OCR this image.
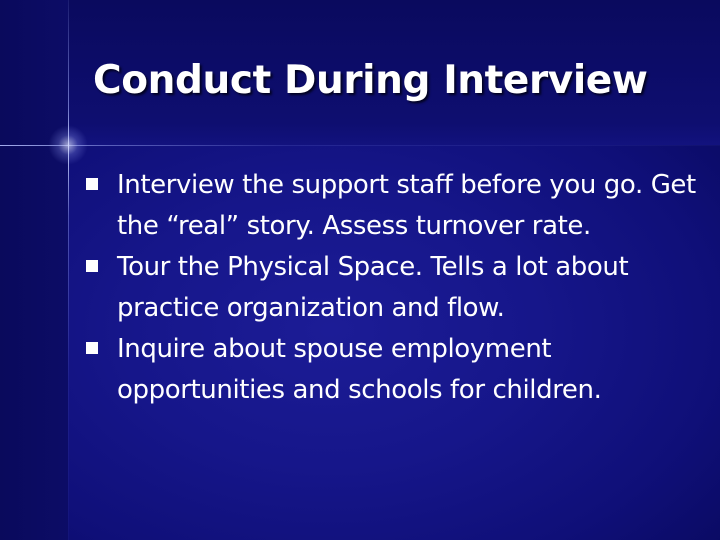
Conduct During Interview
Interview the support staff before you go. Get the “real” story. Assess turnover rate.
Tour the Physical Space. Tells a lot about practice organization and flow.
Inquire about spouse employment opportunities and schools for children.
